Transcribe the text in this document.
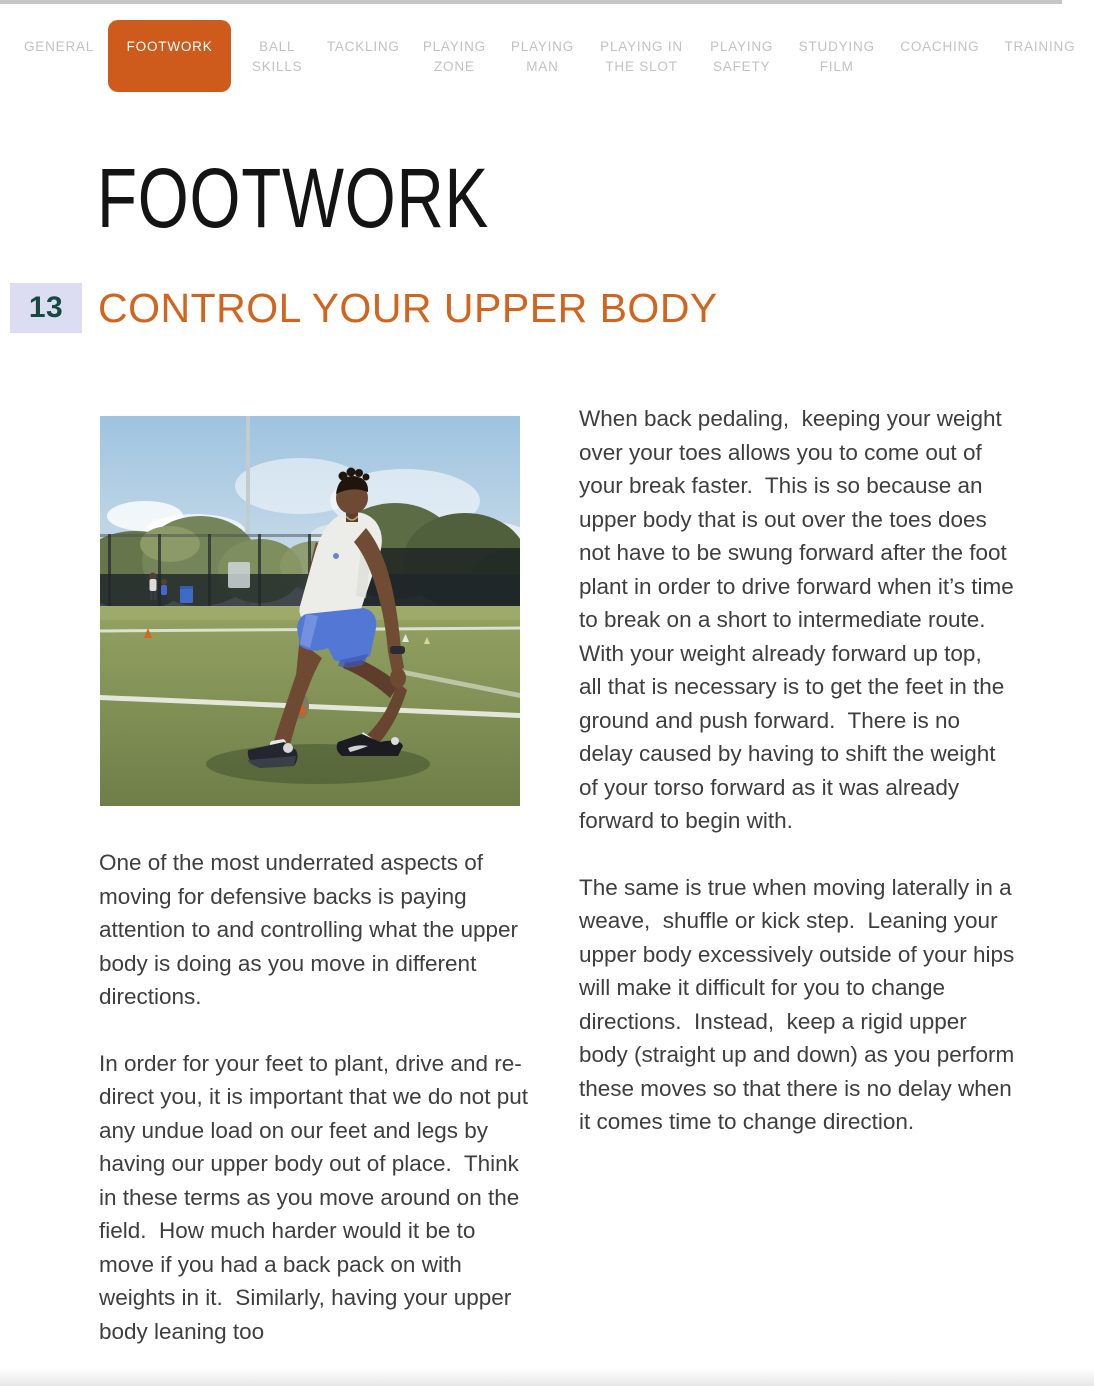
GENERAL	FOOTWORK	BALL SKILLS
TACKLING	PLAYING ZONE
PLAYING MAN
PLAYING IN THE SLOT
PLAYING SAFETY
STUDYING FILM
COACHING	TRAINING
FOOTWORK
13 CONTROL YOUR UPPER BODY

One of the most underrated aspects of moving for defensive backs is paying attention to and controlling what the upper body is doing as you move in different directions.

In order for your feet to plant, drive and re-direct you, it is important that we do not put any undue load on our feet and legs by having our upper body out of place.  Think in these terms as you move around on the field.  How much harder would it be to move if you had a back pack on with weights in it.  Similarly, having your upper body leaning too

When back pedaling,  keeping your weight over your toes allows you to come out of your break faster.  This is so because an upper body that is out over the toes does not have to be swung forward after the foot plant in order to drive forward when it’s time to break on a short to intermediate route.  With your weight already forward up top,  all that is necessary is to get the feet in the ground and push forward.  There is no delay caused by having to shift the weight of your torso forward as it was already forward to begin with.

The same is true when moving laterally in a weave,  shuffle or kick step.  Leaning your upper body excessively outside of your hips will make it difficult for you to change directions.  Instead,  keep a rigid upper body (straight up and down) as you perform these moves so that there is no delay when it comes time to change direction.
